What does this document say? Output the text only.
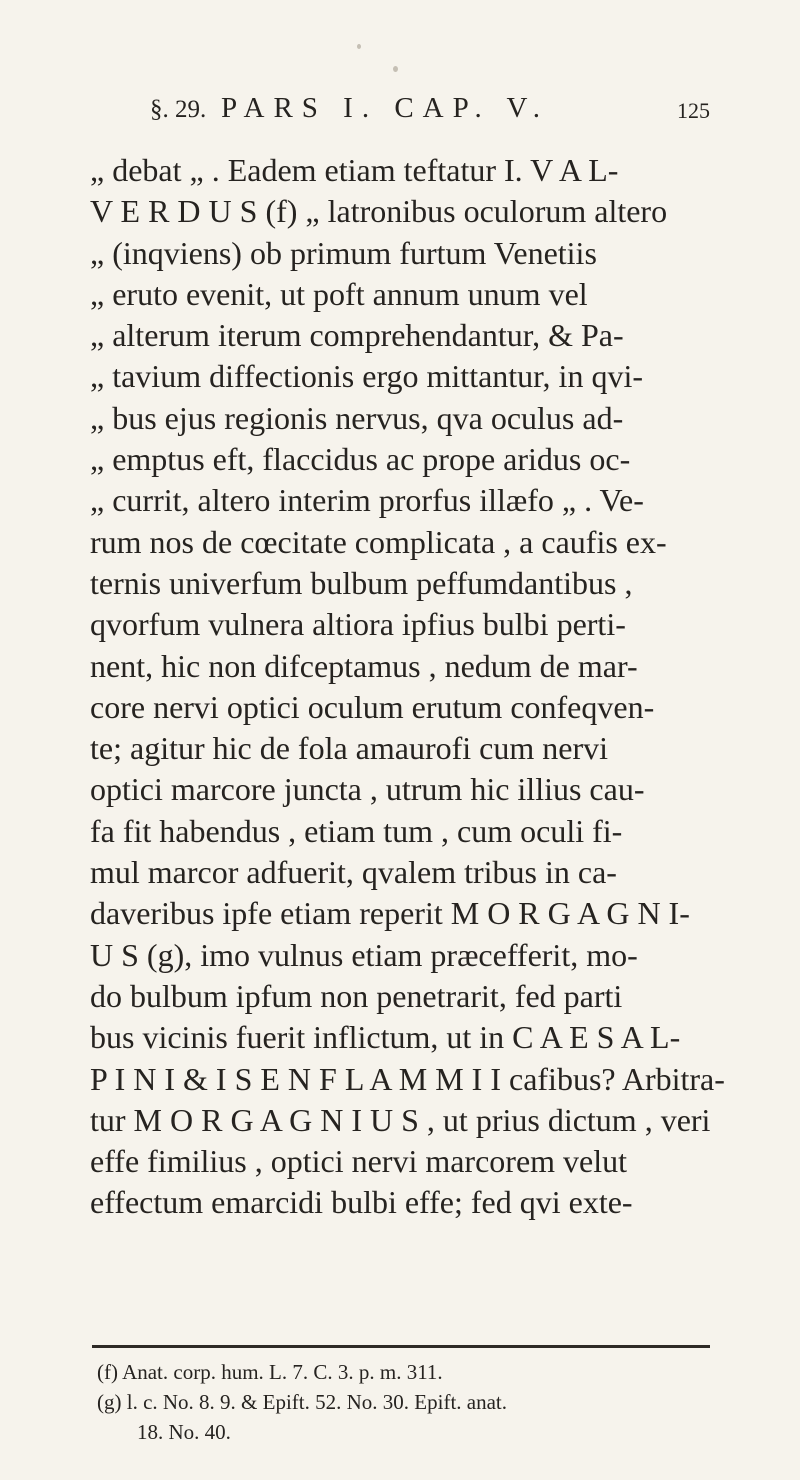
§. 29. PARS I. CAP. V.	125
„ debat „ . Eadem etiam teftatur I. V A L-
V E R D U S (f) „ latronibus oculorum altero
„ (inqviens) ob primum furtum Venetiis
„ eruto evenit, ut poft annum unum vel
„ alterum iterum comprehendantur, & Pa-
„ tavium diffectionis ergo mittantur, in qvi-
„ bus ejus regionis nervus, qva oculus ad-
„ emptus eft, flaccidus ac prope aridus oc-
„ currit, altero interim prorfus illæfo „ . Ve-
rum nos de cœcitate complicata , a caufis ex-
ternis univerfum bulbum peffumdantibus ,
qvorfum vulnera altiora ipfius bulbi perti-
nent, hic non difceptamus , nedum de mar-
core nervi optici oculum erutum confeqven-
te; agitur hic de fola amaurofi cum nervi
optici marcore juncta , utrum hic illius cau-
fa fit habendus , etiam tum , cum oculi fi-
mul marcor adfuerit, qvalem tribus in ca-
daveribus ipfe etiam reperit M O R G A G N I-
U S (g), imo vulnus etiam præcefferit, mo-
do bulbum ipfum non penetrarit, fed parti
bus vicinis fuerit inflictum, ut in C A E S A L-
P I N I & I S E N F L A M M I I cafibus? Arbitra-
tur M O R G A G N I U S , ut prius dictum , veri
effe fimilius , optici nervi marcorem velut
effectum emarcidi bulbi effe; fed qvi exte-
(f) Anat. corp. hum. L. 7. C. 3. p. m. 311.
(g) l. c. No. 8. 9. & Epift. 52. No. 30. Epift. anat.
18. No. 40.
